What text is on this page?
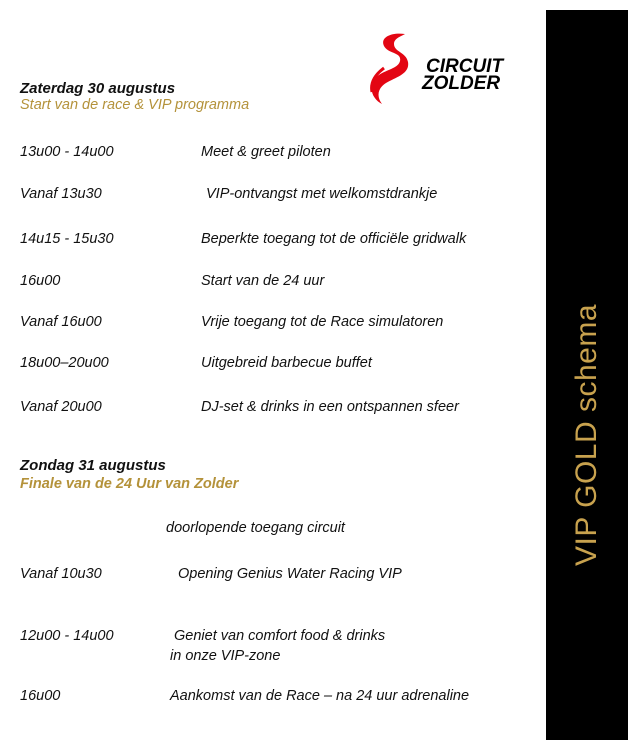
VIP GOLD schema
CIRCUIT
ZOLDER
Zaterdag 30 augustus
Start van de race & VIP programma
13u00 - 14u00	Meet & greet piloten
Vanaf 13u30	VIP-ontvangst met welkomstdrankje
14u15 - 15u30	Beperkte toegang tot de officiële gridwalk
16u00	Start van de 24 uur
Vanaf 16u00	Vrije toegang tot de Race simulatoren
18u00–20u00	Uitgebreid barbecue buffet
Vanaf 20u00	DJ-set & drinks in een ontspannen sfeer
Zondag 31 augustus
Finale van de 24 Uur van Zolder
doorlopende toegang circuit
Vanaf 10u30	Opening Genius Water Racing VIP
12u00 - 14u00	Geniet van comfort food & drinks
in onze VIP-zone
16u00	Aankomst van de Race – na 24 uur adrenaline
